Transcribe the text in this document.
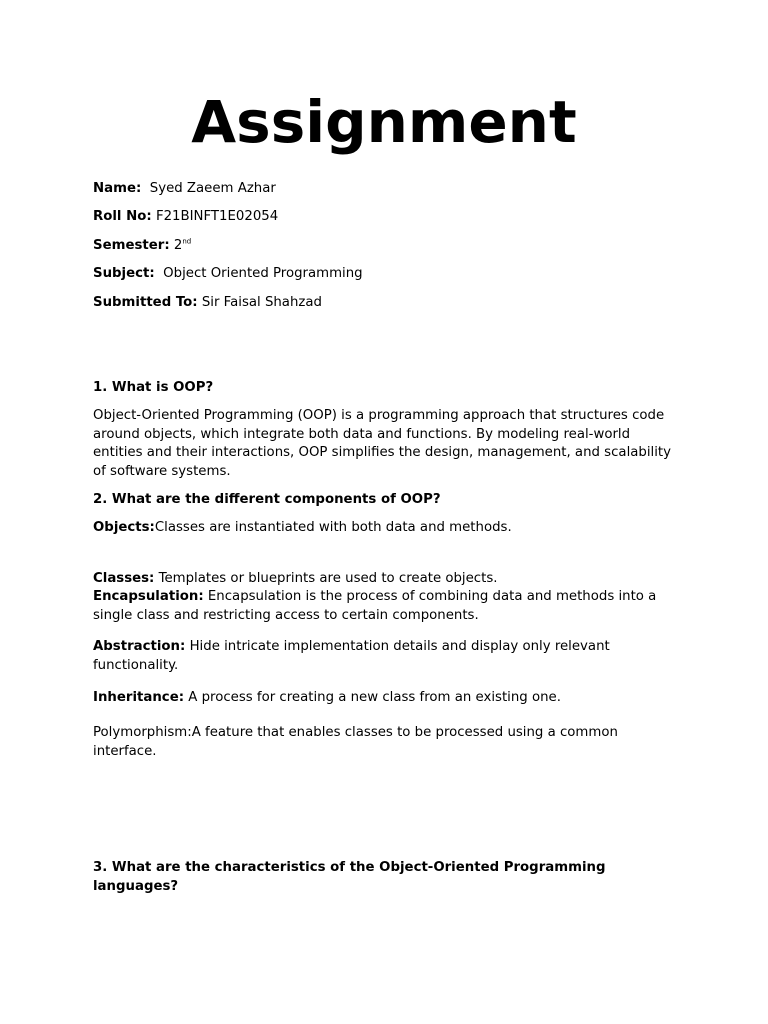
Assignment

Name: Syed Zaeem Azhar

Roll No: F21BINFT1E02054

Semester: 2nd

Subject: Object Oriented Programming

Submitted To: Sir Faisal Shahzad

1. What is OOP?

Object-Oriented Programming (OOP) is a programming approach that structures code around objects, which integrate both data and functions. By modeling real-world entities and their interactions, OOP simplifies the design, management, and scalability of software systems.

2. What are the different components of OOP?

Objects:Classes are instantiated with both data and methods.

Classes: Templates or blueprints are used to create objects.

Encapsulation: Encapsulation is the process of combining data and methods into a single class and restricting access to certain components.

Abstraction: Hide intricate implementation details and display only relevant functionality.

Inheritance: A process for creating a new class from an existing one.

Polymorphism:A feature that enables classes to be processed using a common interface.

3. What are the characteristics of the Object-Oriented Programming languages?
